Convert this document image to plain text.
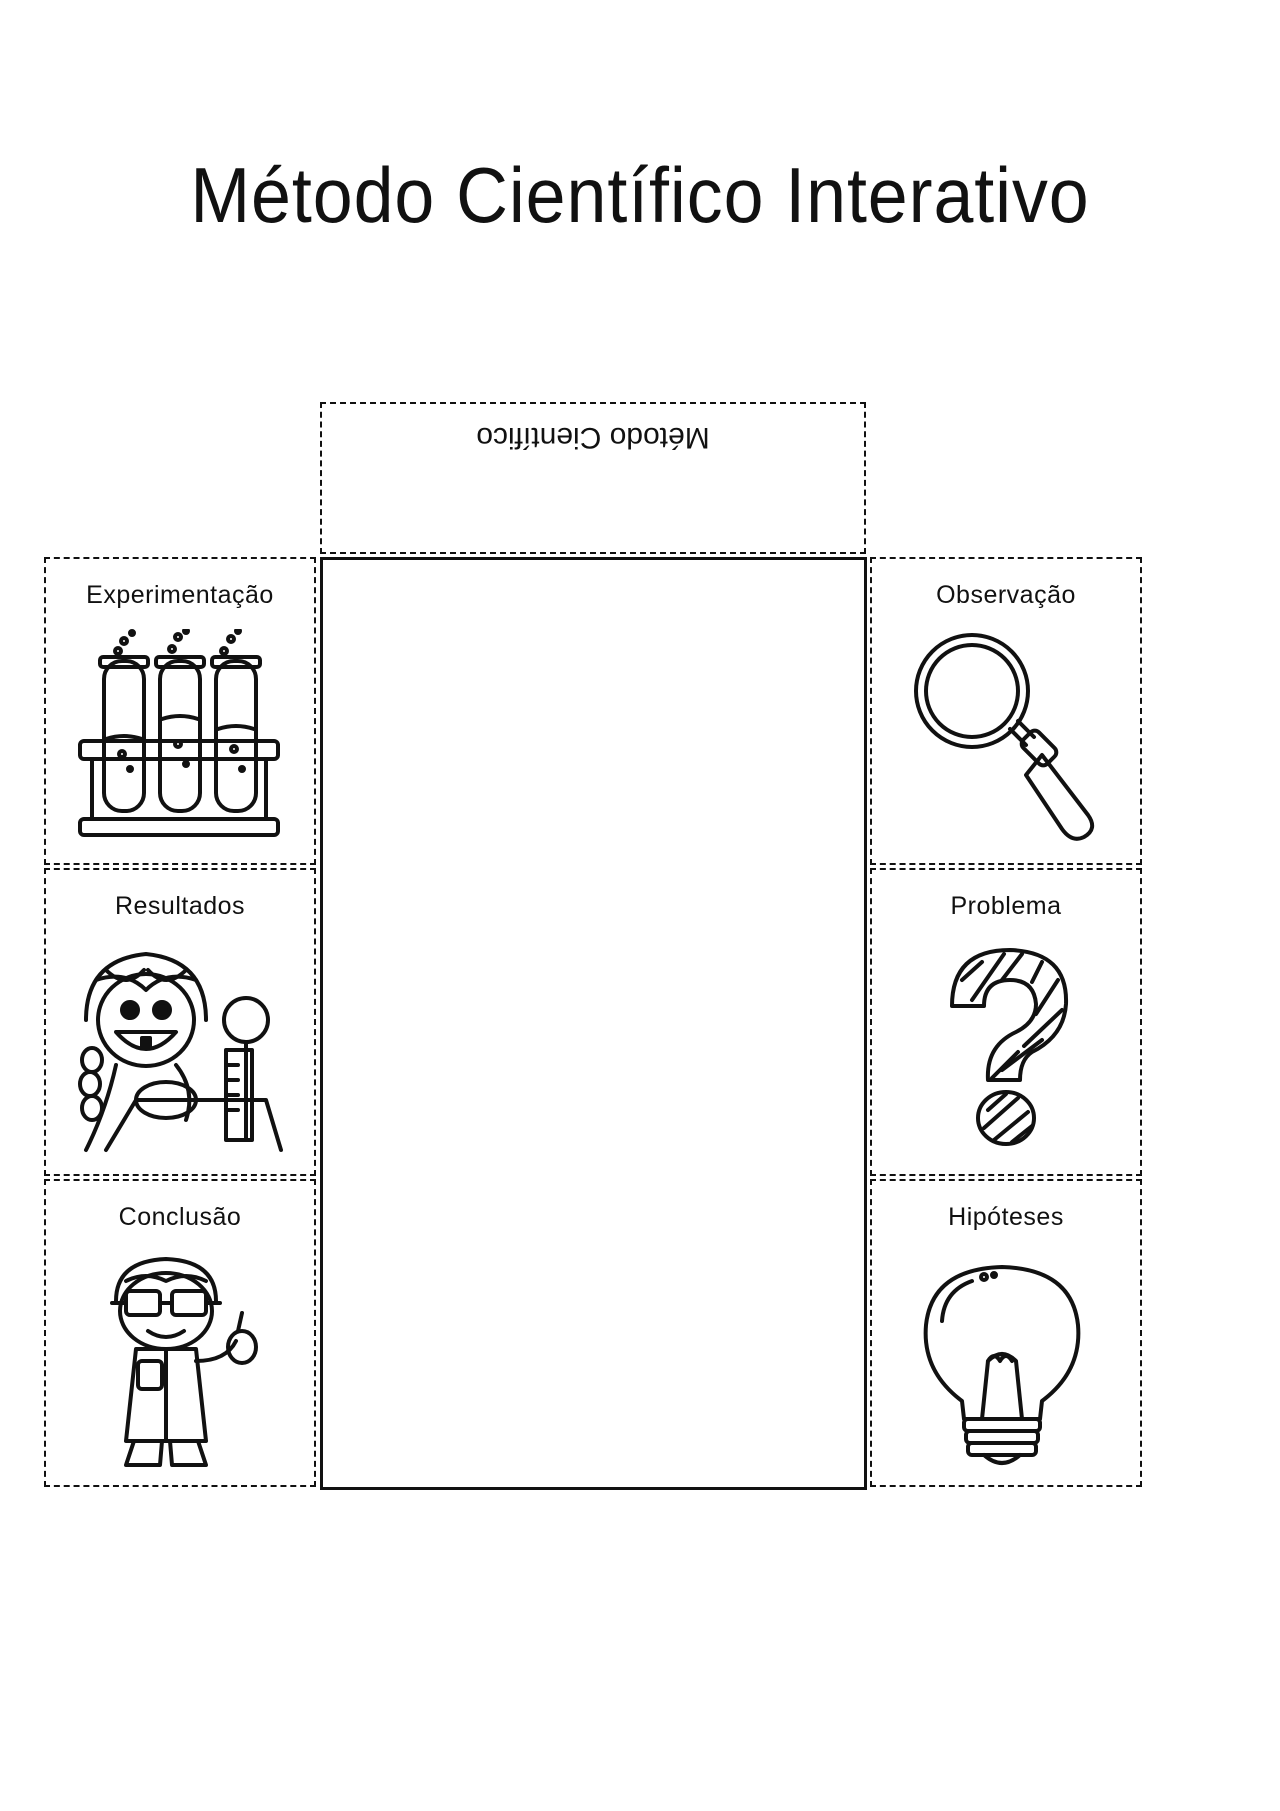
Método Científico Interativo
Método Científico
Experimentação
Resultados
Conclusão
Observação
Problema
Hipóteses
